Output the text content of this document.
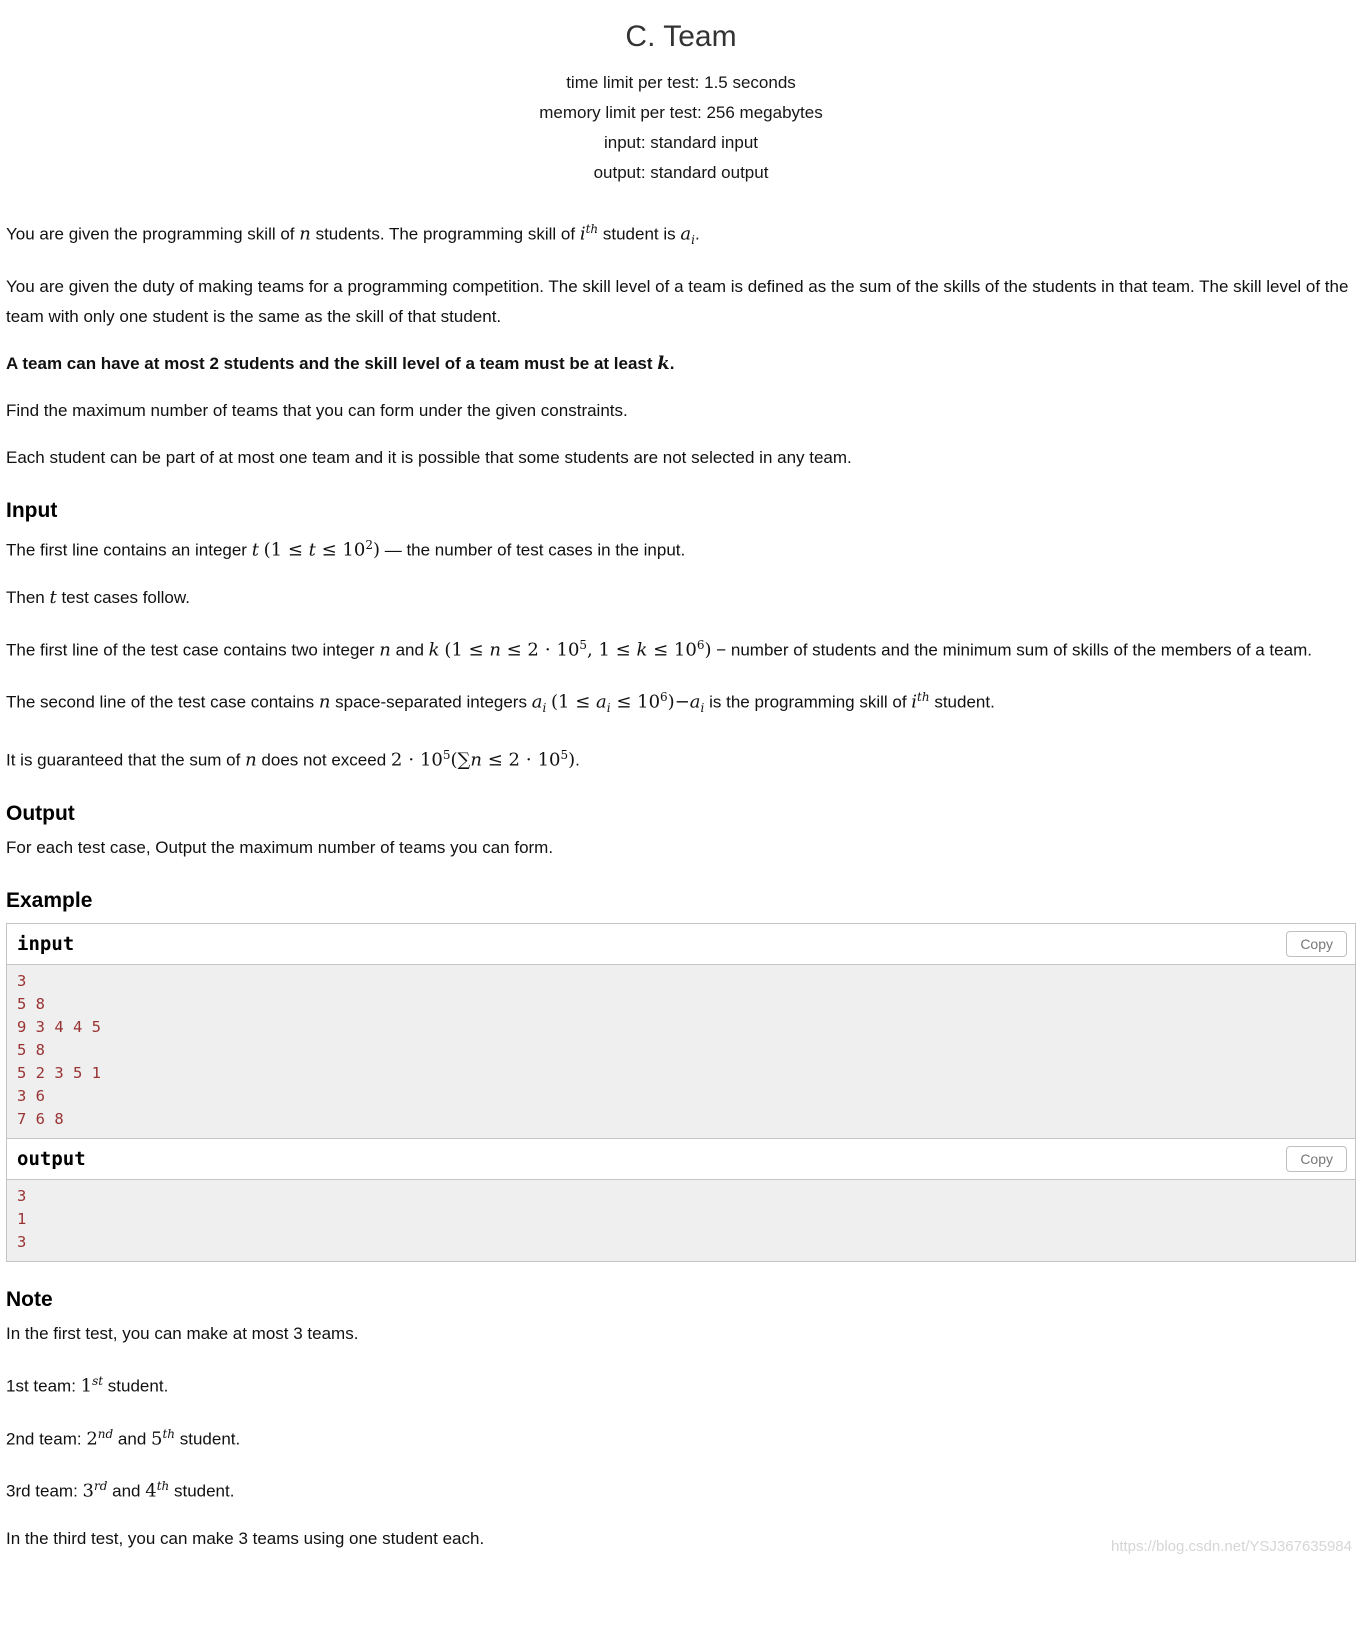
C. Team
time limit per test: 1.5 seconds
memory limit per test: 256 megabytes
input: standard input
output: standard output

You are given the programming skill of n students. The programming skill of $i^{th}$ student is $a_i$.

You are given the duty of making teams for a programming competition. The skill level of a team is defined as the sum of the skills of the students in that team. The skill level of the team with only one student is the same as the skill of that student.

A team can have at most 2 students and the skill level of a team must be at least k.

Find the maximum number of teams that you can form under the given constraints.

Each student can be part of at most one team and it is possible that some students are not selected in any team.

Input

The first line contains an integer t $(1 \le t \le 10^2)$ — the number of test cases in the input.

Then t test cases follow.

The first line of the test case contains two integer n and k ($1 \le n \le 2 \cdot 10^5$, $1 \le k \le 10^6$) − number of students and the minimum sum of skills of the members of a team.

The second line of the test case contains n space-separated integers $a_i$ $(1 \le a_i \le 10^6)-a_i$ is the programming skill of $i^{th}$ student.

It is guaranteed that the sum of n does not exceed $2 \cdot 10^5(\sum n \le 2 \cdot 10^5)$.

Output

For each test case, Output the maximum number of teams you can form.

Example
input	Copy
3
5 8
9 3 4 4 5
5 8
5 2 3 5 1
3 6
7 6 8
output	Copy
3
1
3
Note

In the first test, you can make at most 3 teams.

1st team: 1st student.

2nd team: 2nd and 5th student.

3rd team: 3rd and 4th student.

In the third test, you can make 3 teams using one student each.	https://blog.csdn.net/YSJ367635984
